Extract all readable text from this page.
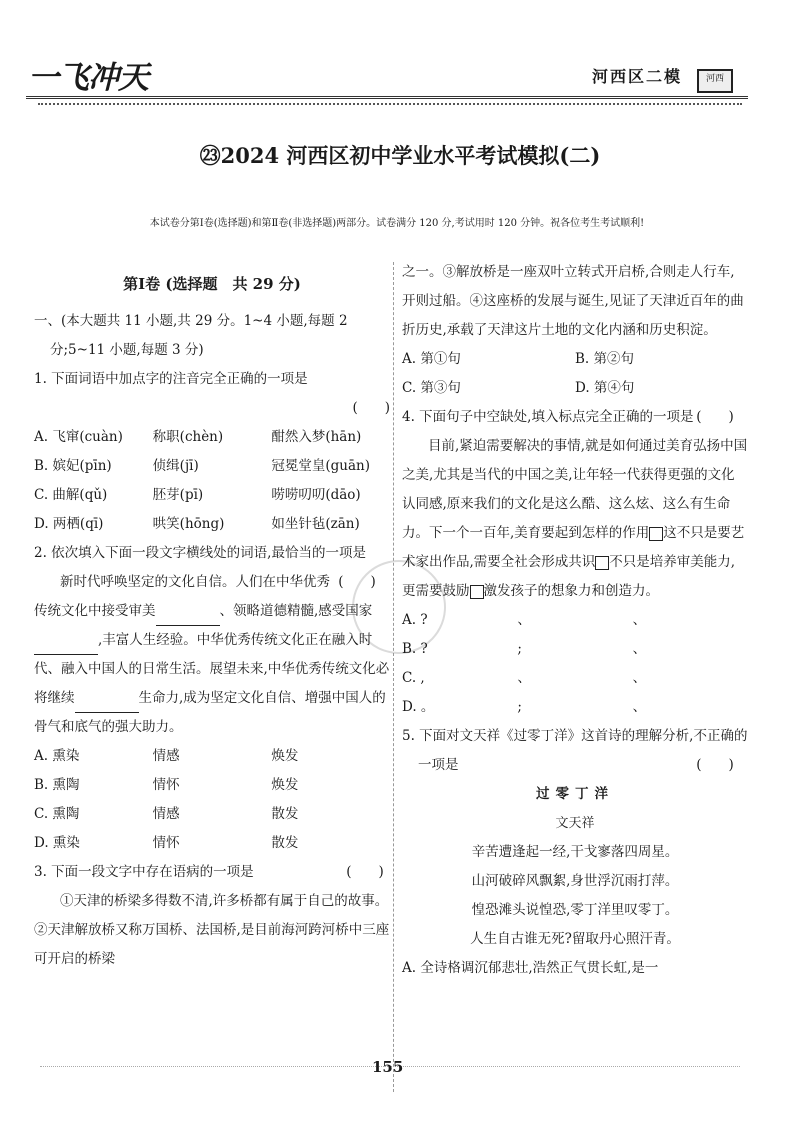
一飞冲天	河西区二模	河西
㉓2024 河西区初中学业水平考试模拟(二)
本试卷分第Ⅰ卷(选择题)和第Ⅱ卷(非选择题)两部分。试卷满分 120 分,考试用时 120 分钟。祝各位考生考试顺利!

第Ⅰ卷 (选择题　共 29 分)

一、(本大题共 11 小题,共 29 分。1~4 小题,每题 2 分;5~11 小题,每题 3 分)

1. 下面词语中加点字的注音完全正确的一项是

(　　)

A. 飞窜(cuàn)	称职(chèn)	酣然入梦(hān)

B. 嫔妃(pīn)	侦缉(jī)	冠冕堂皇(guān)

C. 曲解(qǔ)	胚芽(pī)	唠唠叨叨(dāo)

D. 两栖(qī)	哄笑(hōng)	如坐针毡(zān)

2. 依次填入下面一段文字横线处的词语,最恰当的一项是
(　　)

新时代呼唤坚定的文化自信。人们在中华优秀传统文化中接受审美	、领略道德精髓,感受国家,丰富人生经验。中华优秀传统文化正在融入时代、融入中国人的日常生活。展望未来,中华优秀传统文化必将继续	生命力,成为坚定文化自信、增强中国人的骨气和底气的强大助力。

A. 熏染	情感	焕发

B. 熏陶	情怀	焕发

C. 熏陶	情感	散发

D. 熏染	情怀	散发

3. 下面一段文字中存在语病的一项是	(　　)

①天津的桥梁多得数不清,许多桥都有属于自己的故事。②天津解放桥又称万国桥、法国桥,是目前海河跨河桥中三座可开启的桥梁

之一。③解放桥是一座双叶立转式开启桥,合则走人行车,开则过船。④这座桥的发展与诞生,见证了天津近百年的曲折历史,承载了天津这片土地的文化内涵和历史积淀。

A. 第①句	B. 第②句

C. 第③句	D. 第④句

4. 下面句子中空缺处,填入标点完全正确的一项是 (　　)

目前,紧迫需要解决的事情,就是如何通过美育弘扬中国之美,尤其是当代的中国之美,让年轻一代获得更强的文化认同感,原来我们的文化是这么酷、这么炫、这么有生命力。下一个一百年,美育要起到怎样的作用 这不只是要艺术家出作品,需要全社会形成共识 不只是培养审美能力,更需要鼓励 激发孩子的想象力和创造力。

A. ?	、	、

B. ?	;	、

C. ,	、	、

D. 。	;	、

5. 下面对文天祥《过零丁洋》这首诗的理解分析,不正确的一项是	(　　)

过零丁洋

文天祥

辛苦遭逢起一经,干戈寥落四周星。

山河破碎风飘絮,身世浮沉雨打萍。

惶恐滩头说惶恐,零丁洋里叹零丁。

人生自古谁无死?留取丹心照汗青。

A. 全诗格调沉郁悲壮,浩然正气贯长虹,是一

155
